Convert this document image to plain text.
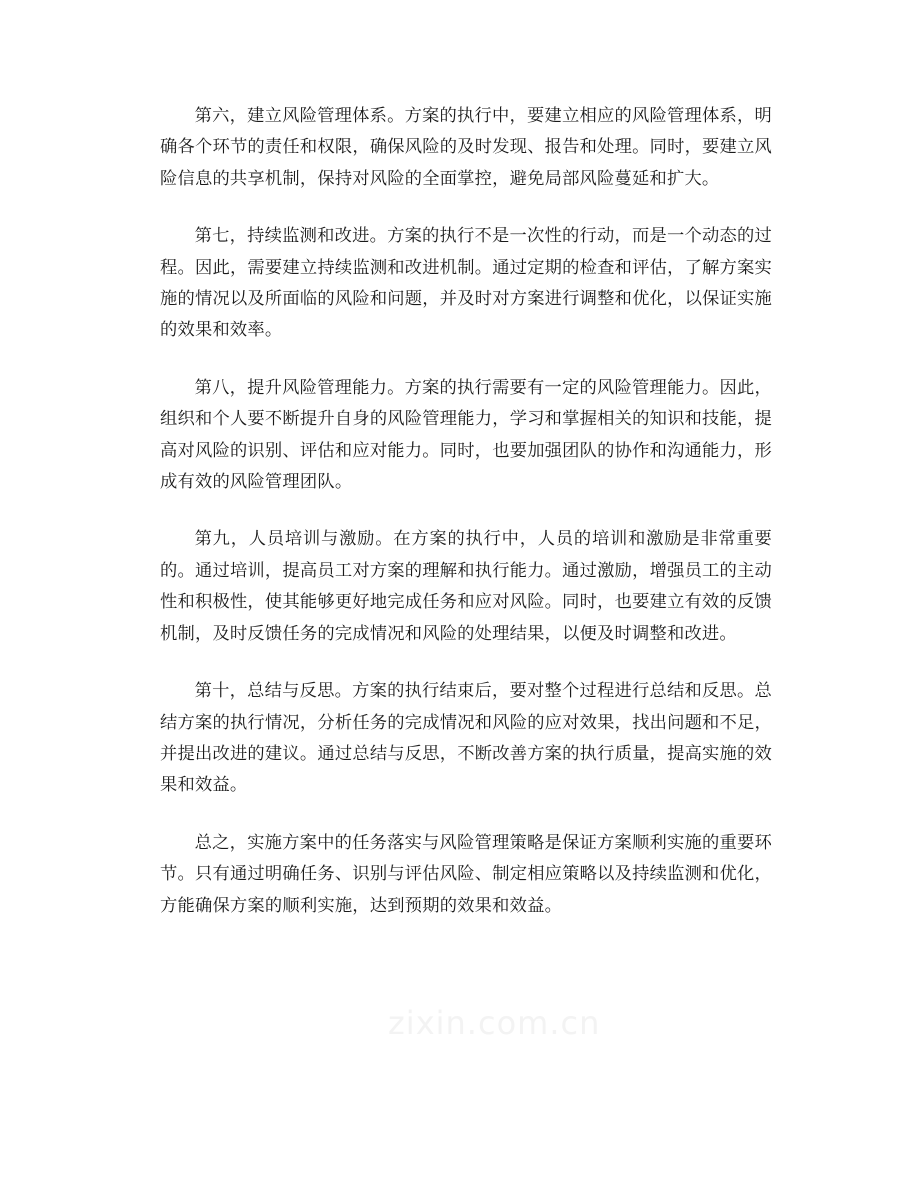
第六，建立风险管理体系。方案的执行中，要建立相应的风险管理体系，明确各个环节的责任和权限，确保风险的及时发现、报告和处理。同时，要建立风险信息的共享机制，保持对风险的全面掌控，避免局部风险蔓延和扩大。

第七，持续监测和改进。方案的执行不是一次性的行动，而是一个动态的过程。因此，需要建立持续监测和改进机制。通过定期的检查和评估，了解方案实施的情况以及所面临的风险和问题，并及时对方案进行调整和优化，以保证实施的效果和效率。

第八，提升风险管理能力。方案的执行需要有一定的风险管理能力。因此，组织和个人要不断提升自身的风险管理能力，学习和掌握相关的知识和技能，提高对风险的识别、评估和应对能力。同时，也要加强团队的协作和沟通能力，形成有效的风险管理团队。

第九，人员培训与激励。在方案的执行中，人员的培训和激励是非常重要的。通过培训，提高员工对方案的理解和执行能力。通过激励，增强员工的主动性和积极性，使其能够更好地完成任务和应对风险。同时，也要建立有效的反馈机制，及时反馈任务的完成情况和风险的处理结果，以便及时调整和改进。

第十，总结与反思。方案的执行结束后，要对整个过程进行总结和反思。总结方案的执行情况，分析任务的完成情况和风险的应对效果，找出问题和不足，并提出改进的建议。通过总结与反思，不断改善方案的执行质量，提高实施的效果和效益。

总之，实施方案中的任务落实与风险管理策略是保证方案顺利实施的重要环节。只有通过明确任务、识别与评估风险、制定相应策略以及持续监测和优化，方能确保方案的顺利实施，达到预期的效果和效益。

zixin.com.cn
